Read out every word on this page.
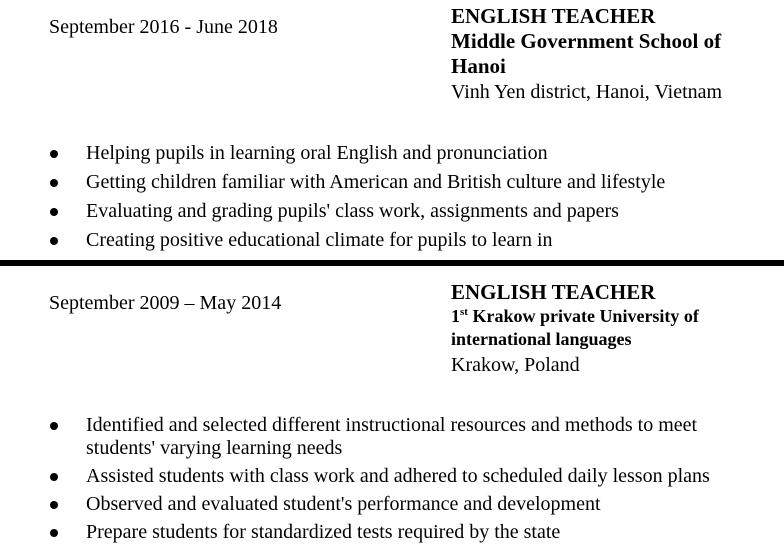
September 2016 - June 2018	ENGLISH TEACHER
Middle Government School of Hanoi
Vinh Yen district, Hanoi, Vietnam
Helping pupils in learning oral English and pronunciation
Getting children familiar with American and British culture and lifestyle
Evaluating and grading pupils' class work, assignments and papers
Creating positive educational climate for pupils to learn in
September 2009 – May 2014	ENGLISH TEACHER
1st Krakow private University of international languages
Krakow, Poland
Identified and selected different instructional resources and methods to meet students' varying learning needs
Assisted students with class work and adhered to scheduled daily lesson plans
Observed and evaluated student's performance and development
Prepare students for standardized tests required by the state
